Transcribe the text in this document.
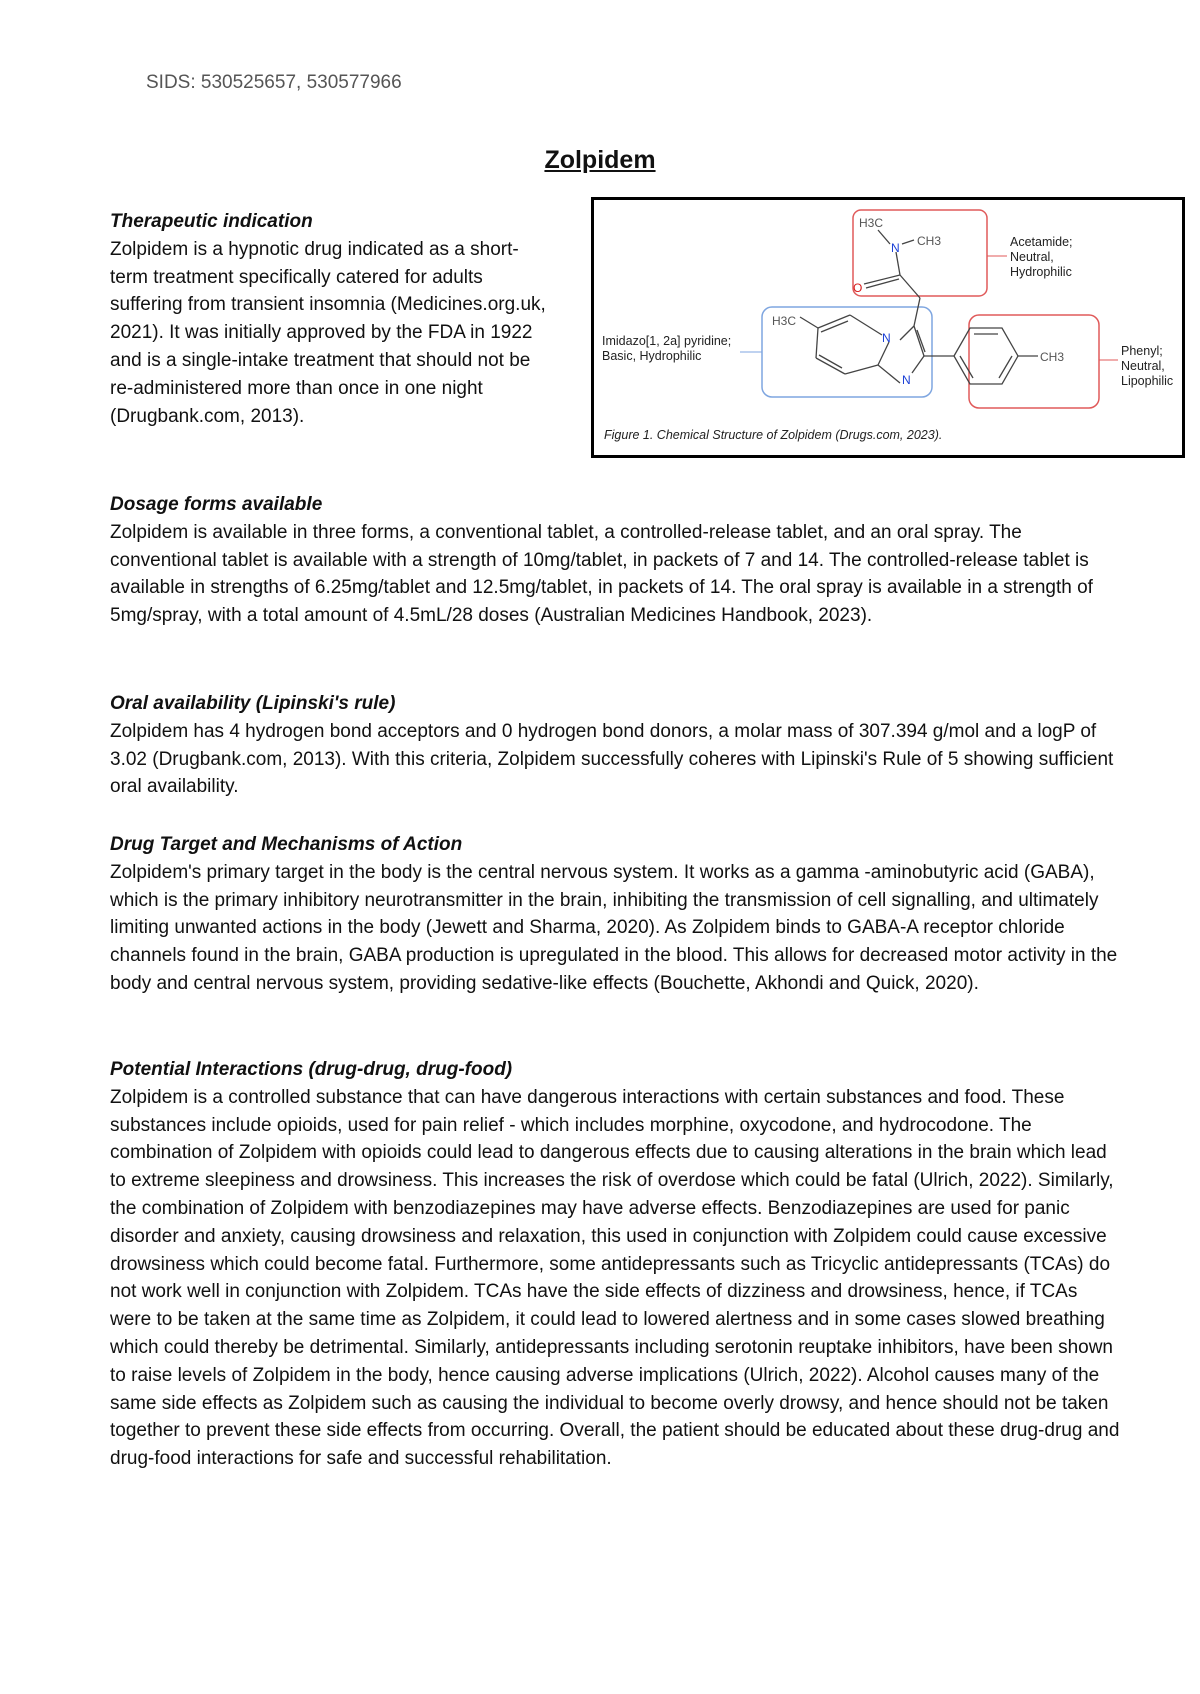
SIDS: 530525657, 530577966
Zolpidem
Therapeutic indication

Zolpidem is a hypnotic drug indicated as a short-term treatment specifically catered for adults suffering from transient insomnia (Medicines.org.uk, 2021). It was initially approved by the FDA in 1922 and is a single-intake treatment that should not be re-administered more than once in one night (Drugbank.com, 2013).

H3C
N CH3
O
H3C
N
N
CH3
Acetamide; Neutral, Hydrophilic
Imidazo[1, 2a] pyridine; Basic, Hydrophilic	Phenyl; Neutral, Lipophilic
Figure 1. Chemical Structure of Zolpidem (Drugs.com, 2023).
Dosage forms available

Zolpidem is available in three forms, a conventional tablet, a controlled-release tablet, and an oral spray. The conventional tablet is available with a strength of 10mg/tablet, in packets of 7 and 14. The controlled-release tablet is available in strengths of 6.25mg/tablet and 12.5mg/tablet, in packets of 14. The oral spray is available in a strength of 5mg/spray, with a total amount of 4.5mL/28 doses (Australian Medicines Handbook, 2023).

Oral availability (Lipinski's rule)

Zolpidem has 4 hydrogen bond acceptors and 0 hydrogen bond donors, a molar mass of 307.394 g/mol and a logP of 3.02 (Drugbank.com, 2013). With this criteria, Zolpidem successfully coheres with Lipinski's Rule of 5 showing sufficient oral availability.

Drug Target and Mechanisms of Action

Zolpidem's primary target in the body is the central nervous system. It works as a gamma -aminobutyric acid (GABA), which is the primary inhibitory neurotransmitter in the brain, inhibiting the transmission of cell signalling, and ultimately limiting unwanted actions in the body (Jewett and Sharma, 2020). As Zolpidem binds to GABA-A receptor chloride channels found in the brain, GABA production is upregulated in the blood. This allows for decreased motor activity in the body and central nervous system, providing sedative-like effects (Bouchette, Akhondi and Quick, 2020).

Potential Interactions (drug-drug, drug-food)

Zolpidem is a controlled substance that can have dangerous interactions with certain substances and food. These substances include opioids, used for pain relief - which includes morphine, oxycodone, and hydrocodone. The combination of Zolpidem with opioids could lead to dangerous effects due to causing alterations in the brain which lead to extreme sleepiness and drowsiness. This increases the risk of overdose which could be fatal (Ulrich, 2022). Similarly, the combination of Zolpidem with benzodiazepines may have adverse effects. Benzodiazepines are used for panic disorder and anxiety, causing drowsiness and relaxation, this used in conjunction with Zolpidem could cause excessive drowsiness which could become fatal. Furthermore, some antidepressants such as Tricyclic antidepressants (TCAs) do not work well in conjunction with Zolpidem. TCAs have the side effects of dizziness and drowsiness, hence, if TCAs were to be taken at the same time as Zolpidem, it could lead to lowered alertness and in some cases slowed breathing which could thereby be detrimental. Similarly, antidepressants including serotonin reuptake inhibitors, have been shown to raise levels of Zolpidem in the body, hence causing adverse implications (Ulrich, 2022). Alcohol causes many of the same side effects as Zolpidem such as causing the individual to become overly drowsy, and hence should not be taken together to prevent these side effects from occurring. Overall, the patient should be educated about these drug-drug and drug-food interactions for safe and successful rehabilitation.
